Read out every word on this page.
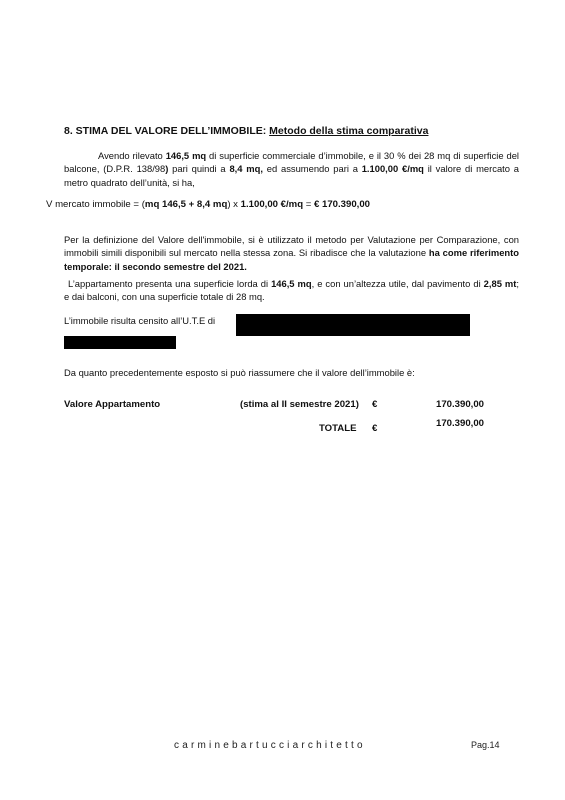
8. STIMA DEL VALORE DELL’IMMOBILE: Metodo della stima comparativa
Avendo rilevato 146,5 mq di superficie commerciale d’immobile, e il 30 % dei 28 mq di superficie del balcone, (D.P.R. 138/98) pari quindi a 8,4 mq, ed assumendo pari a 1.100,00 €/mq il valore di mercato a metro quadrato dell’unità, si ha,
V mercato immobile = (mq 146,5 + 8,4 mq) x 1.100,00 €/mq = € 170.390,00
Per la definizione del Valore dell'immobile, si è utilizzato il metodo per Valutazione per Comparazione, con immobili simili disponibili sul mercato nella stessa zona. Si ribadisce che la valutazione ha come riferimento temporale: il secondo semestre del 2021.
L’appartamento presenta una superficie lorda di 146,5 mq, e con un’altezza utile, dal pavimento di 2,85 mt; e dai balconi, con una superficie totale di 28 mq.
L’immobile risulta censito all’U.T.E di
Da quanto precedentemente esposto si può riassumere che il valore dell’immobile è:
Valore Appartamento	(stima al II semestre 2021) €	170.390,00
TOTALE €	170.390,00
carminebartucciarchitetto	Pag.14
